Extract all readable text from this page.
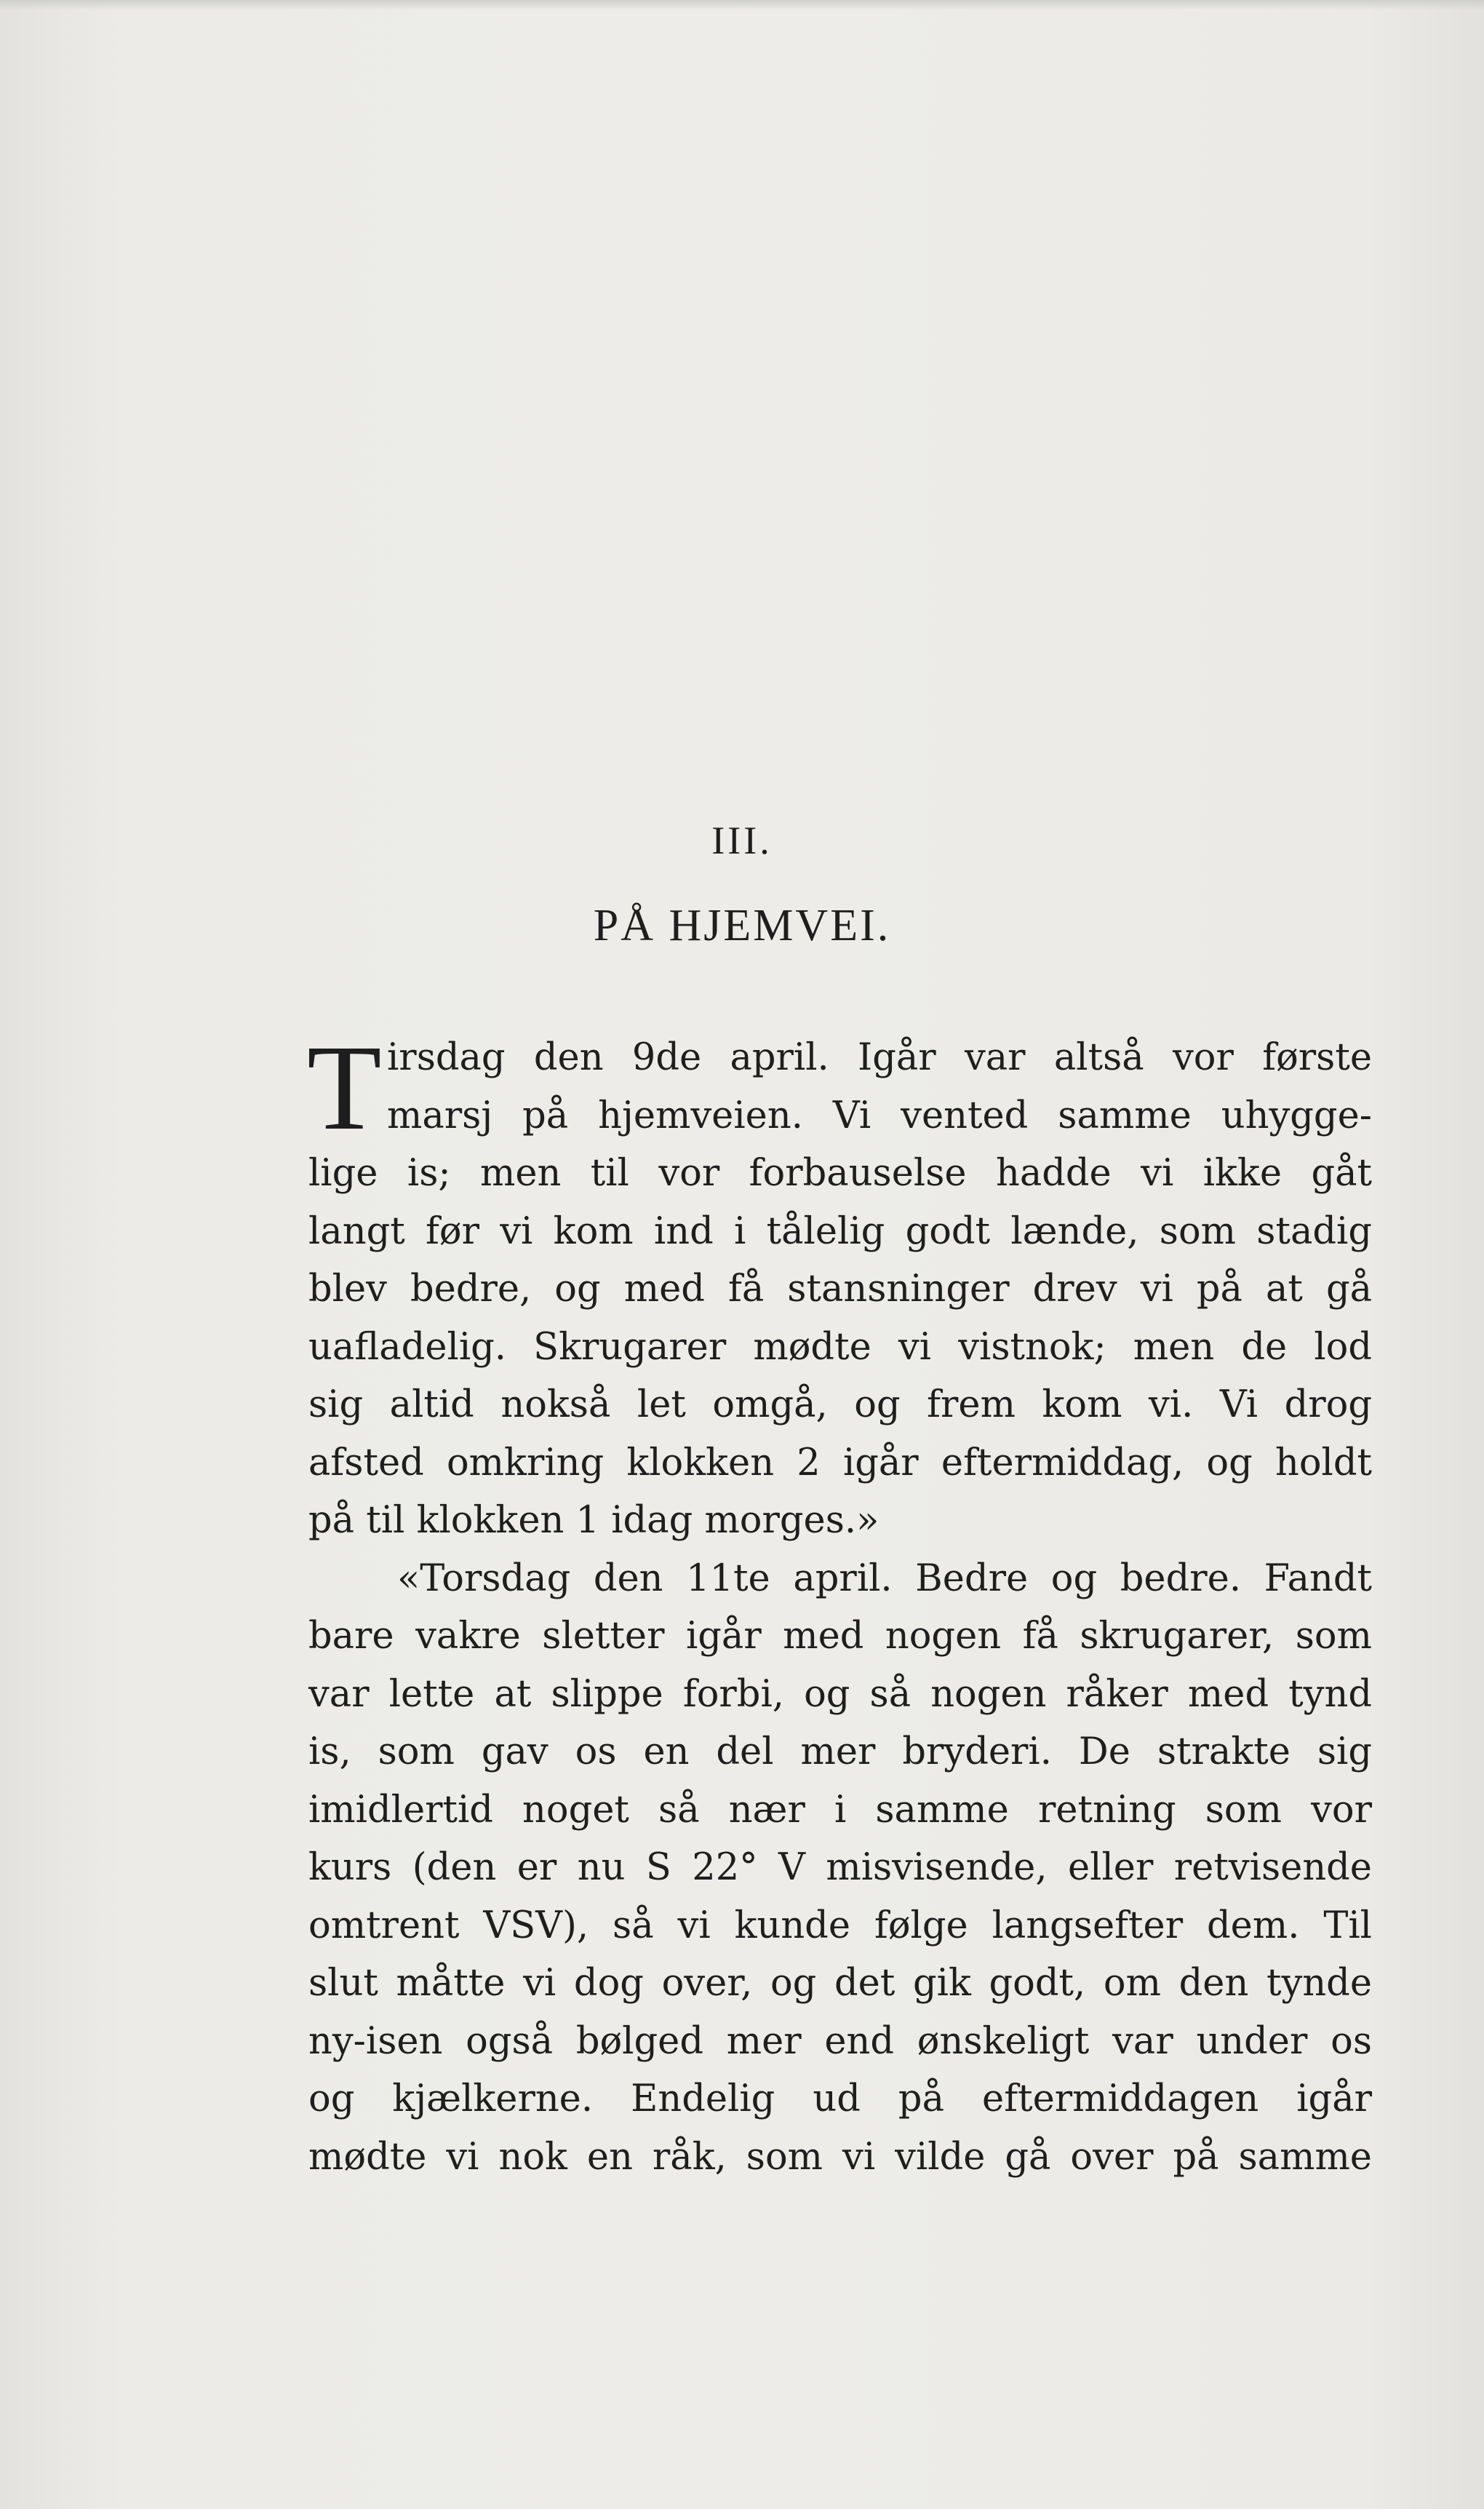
III.
PÅ HJEMVEI.
T irsdag den 9de april. Igår var altså vor første
marsj på hjemveien. Vi vented samme uhygge-
lige is; men til vor forbauselse hadde vi ikke gåt
langt før vi kom ind i tålelig godt lænde, som stadig
blev bedre, og med få stansninger drev vi på at gå
uafladelig. Skrugarer mødte vi vistnok; men de lod
sig altid nokså let omgå, og frem kom vi. Vi drog
afsted omkring klokken 2 igår eftermiddag, og holdt
på til klokken 1 idag morges.»
«Torsdag den 11te april. Bedre og bedre. Fandt
bare vakre sletter igår med nogen få skrugarer, som
var lette at slippe forbi, og så nogen råker med tynd
is, som gav os en del mer bryderi. De strakte sig
imidlertid noget så nær i samme retning som vor
kurs (den er nu S 22° V misvisende, eller retvisende
omtrent VSV), så vi kunde følge langsefter dem. Til
slut måtte vi dog over, og det gik godt, om den tynde
ny-isen også bølged mer end ønskeligt var under os
og kjælkerne. Endelig ud på eftermiddagen igår
mødte vi nok en råk, som vi vilde gå over på samme
